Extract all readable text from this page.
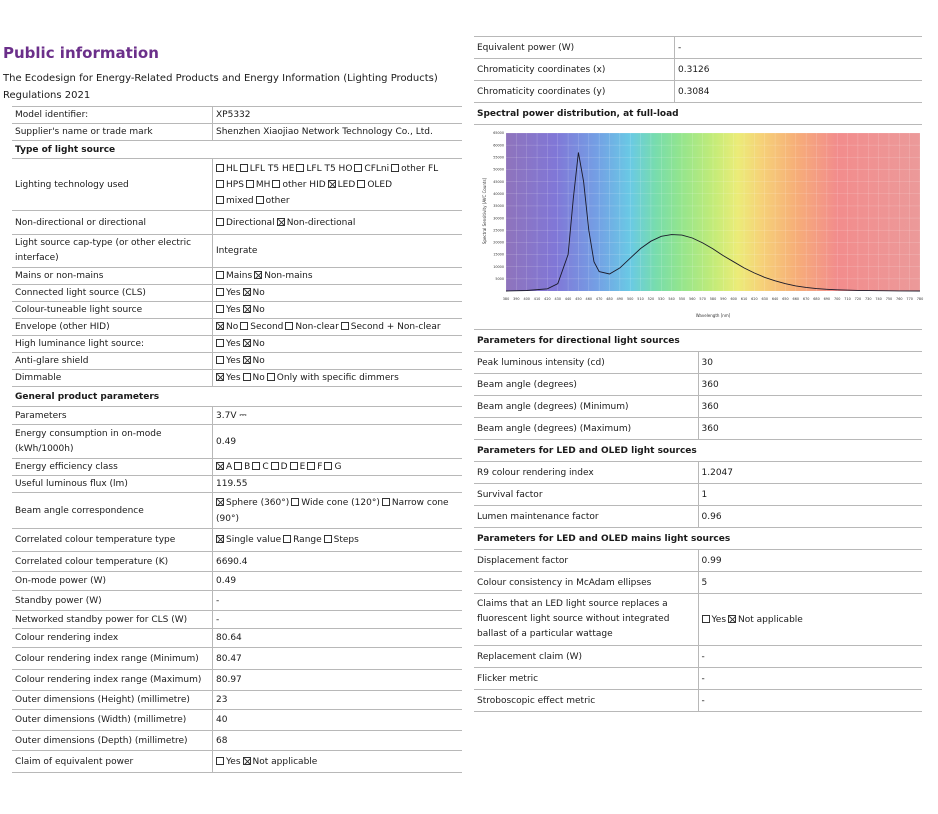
Public information
The Ecodesign for Energy-Related Products and Energy Information (Lighting Products) Regulations 2021
Model identifier:	XP5332
Supplier's name or trade mark	Shenzhen Xiaojiao Network Technology Co., Ltd.
Type of light source	
Lighting technology used	HL LFL T5 HE LFL T5 HO CFLni other FL
HPS MH other HID LED OLED
mixed other

Non-directional or directional	Directional Non-directional

Light source cap-type (or other electric interface)	Integrate
Mains or non-mains	Mains Non-mains

Connected light source (CLS)	Yes No

Colour-tuneable light source	Yes No

Envelope (other HID)	No Second Non-clear Second + Non-clear

High luminance light source:	Yes No

Anti-glare shield	Yes No

Dimmable	Yes No Only with specific dimmers

General product parameters	
Parameters	3.7V ⎓
Energy consumption in on-mode (kWh/1000h)	0.49
Energy efficiency class	A B C D E F G

Useful luminous flux (lm)	119.55
Beam angle correspondence	Sphere (360°) Wide cone (120°) Narrow cone
(90°)

Correlated colour temperature type	Single value Range Steps

Correlated colour temperature (K)	6690.4
On-mode power (W)	0.49
Standby power (W)	-
Networked standby power for CLS (W)	-
Colour rendering index	80.64
Colour rendering index range (Minimum)	80.47
Colour rendering index range (Maximum)	80.97
Outer dimensions (Height) (millimetre)	23
Outer dimensions (Width) (millimetre)	40
Outer dimensions (Depth) (millimetre)	68
Claim of equivalent power	Yes Not applicable

Equivalent power (W)	-
Chromaticity coordinates (x)	0.3126
Chromaticity coordinates (y)	0.3084
Spectral power distribution, at full-load	

5000
10000
15000
20000
25000
30000
35000
40000
45000
50000
55000
60000
65000
380 390 400 410 420 430 440 450 460 470 480 490 500 510 520 530 540 550 560 570 580 590 600 610 620 630 640 650 660 670 680 690 700 710 720 730 740 750 760 770 780
Wavelength [nm]
Spectral Sensitivity [AVC Counts]
Parameters for directional light sources	
Peak luminous intensity (cd)	30
Beam angle (degrees)	360
Beam angle (degrees) (Minimum)	360
Beam angle (degrees) (Maximum)	360
Parameters for LED and OLED light sources	
R9 colour rendering index	1.2047
Survival factor	1
Lumen maintenance factor	0.96
Parameters for LED and OLED mains light sources	
Displacement factor	0.99
Colour consistency in McAdam ellipses	5
Claims that an LED light source replaces a fluorescent light source without integrated ballast of a particular wattage	Yes Not applicable

Replacement claim (W)	-
Flicker metric	-
Stroboscopic effect metric	-
